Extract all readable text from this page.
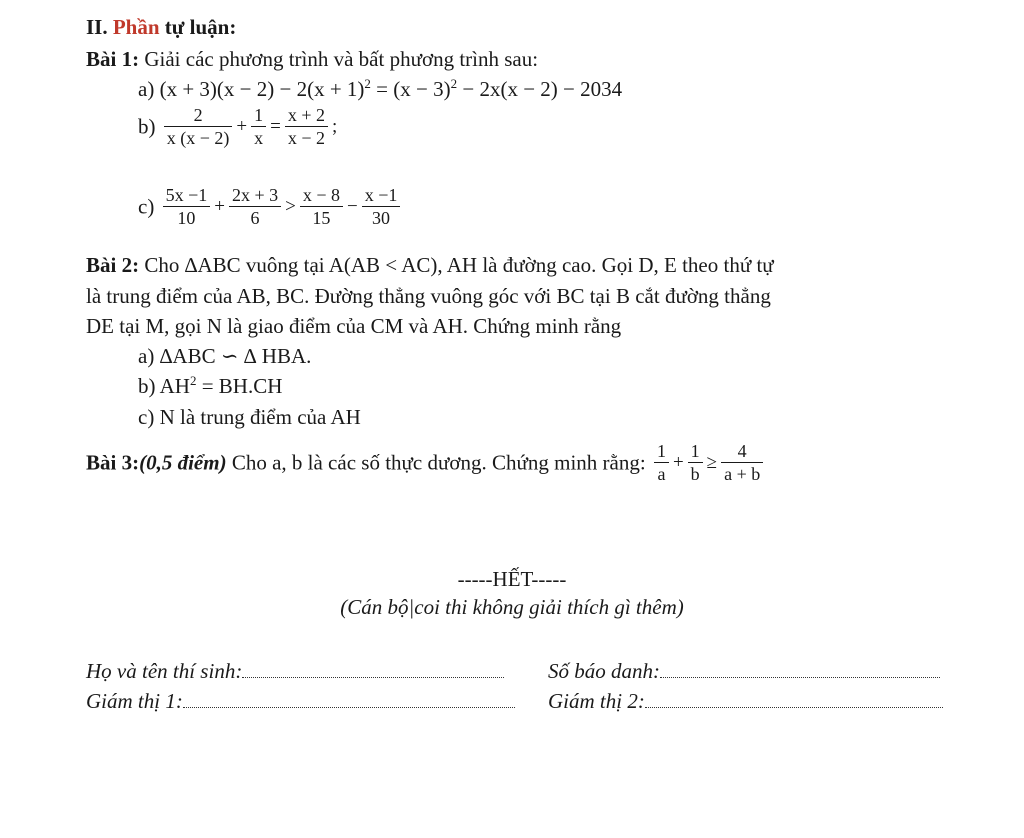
II. Phần tự luận:
Bài 1: Giải các phương trình và bất phương trình sau:
a) $(x + 3)(x - 2) - 2(x + 1)^2 = (x - 3)^2 - 2x(x - 2) - 2034$
$b) \frac{2}{x (x - 2)} + \frac{1}{x} = \frac{x + 2}{x - 2}$ ;
$c) \frac{5x -1}{10} + \frac{2x + 3}{6} > \frac{x - 8}{15} - \frac{x -1}{30}$
Bài 2: Cho ∆ABC vuông tại A(AB < AC), AH là đường cao. Gọi D, E theo thứ tự
là trung điểm của AB, BC. Đường thẳng vuông góc với BC tại B cắt đường thẳng
DE tại M, gọi N là giao điểm của CM và AH. Chứng minh rằng
a) ∆ABC ∽ ∆ HBA.
b) $AH^2 = BH.CH$
c) N là trung điểm của AH
Bài 3:(0,5 điểm) Cho a, b là các số thực dương. Chứng minh rằng: $\frac{1}{a} + \frac{1}{b} \ge \frac{4}{a + b}$
-----HẾT-----
(Cán bộ|coi thi không giải thích gì thêm)
Họ và tên thí sinh:	Số báo danh:
Giám thị 1:	Giám thị 2:
